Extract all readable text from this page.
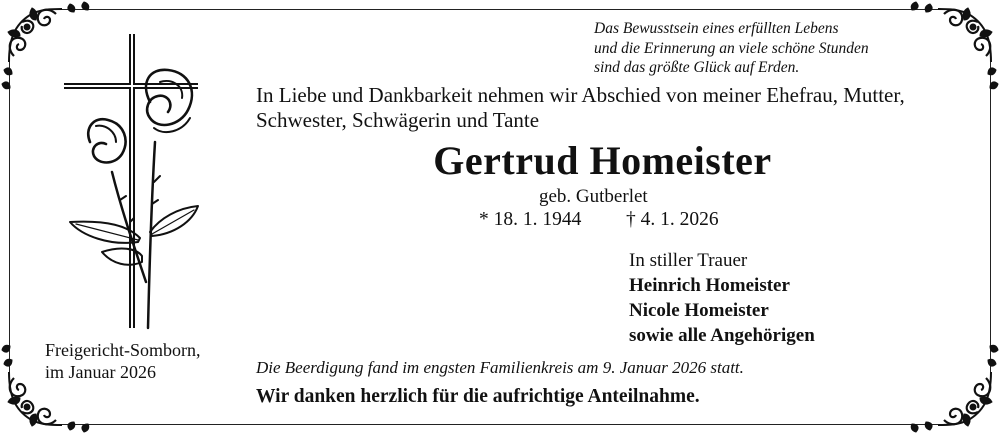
Das Bewusstsein eines erfüllten Lebens
und die Erinnerung an viele schöne Stunden
sind das größte Glück auf Erden.
In Liebe und Dankbarkeit nehmen wir Abschied von meiner Ehefrau, Mutter,
Schwester, Schwägerin und Tante
Gertrud Homeister
geb. Gutberlet
* 18. 1. 1944 † 4. 1. 2026
In stiller Trauer
Heinrich Homeister
Nicole Homeister
sowie alle Angehörigen
Freigericht-Somborn,
im Januar 2026	Die Beerdigung fand im engsten Familienkreis am 9. Januar 2026 statt.
Wir danken herzlich für die aufrichtige Anteilnahme.
